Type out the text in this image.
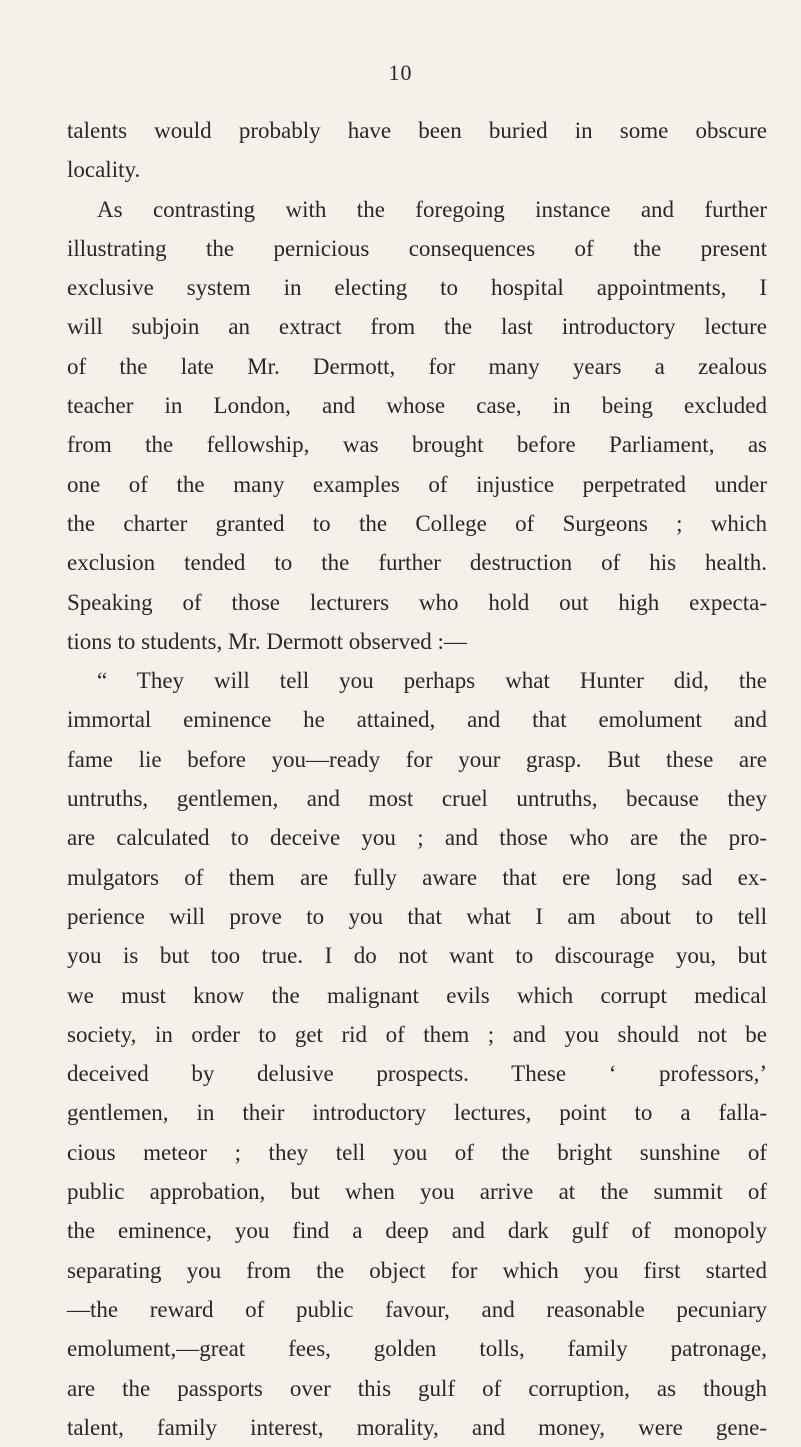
10
talents would probably have been buried in some obscure
locality.
As contrasting with the foregoing instance and further
illustrating the pernicious consequences of the present
exclusive system in electing to hospital appointments, I
will subjoin an extract from the last introductory lecture
of the late Mr. Dermott, for many years a zealous
teacher in London, and whose case, in being excluded
from the fellowship, was brought before Parliament, as
one of the many examples of injustice perpetrated under
the charter granted to the College of Surgeons ; which
exclusion tended to the further destruction of his health.
Speaking of those lecturers who hold out high expecta-
tions to students, Mr. Dermott observed :—
“ They will tell you perhaps what Hunter did, the
immortal eminence he attained, and that emolument and
fame lie before you—ready for your grasp. But these are
untruths, gentlemen, and most cruel untruths, because they
are calculated to deceive you ; and those who are the pro-
mulgators of them are fully aware that ere long sad ex-
perience will prove to you that what I am about to tell
you is but too true. I do not want to discourage you, but
we must know the malignant evils which corrupt medical
society, in order to get rid of them ; and you should not be
deceived by delusive prospects. These ‘ professors,’
gentlemen, in their introductory lectures, point to a falla-
cious meteor ; they tell you of the bright sunshine of
public approbation, but when you arrive at the summit of
the eminence, you find a deep and dark gulf of monopoly
separating you from the object for which you first started
—the reward of public favour, and reasonable pecuniary
emolument,—great fees, golden tolls, family patronage,
are the passports over this gulf of corruption, as though
talent, family interest, morality, and money, were gene-
